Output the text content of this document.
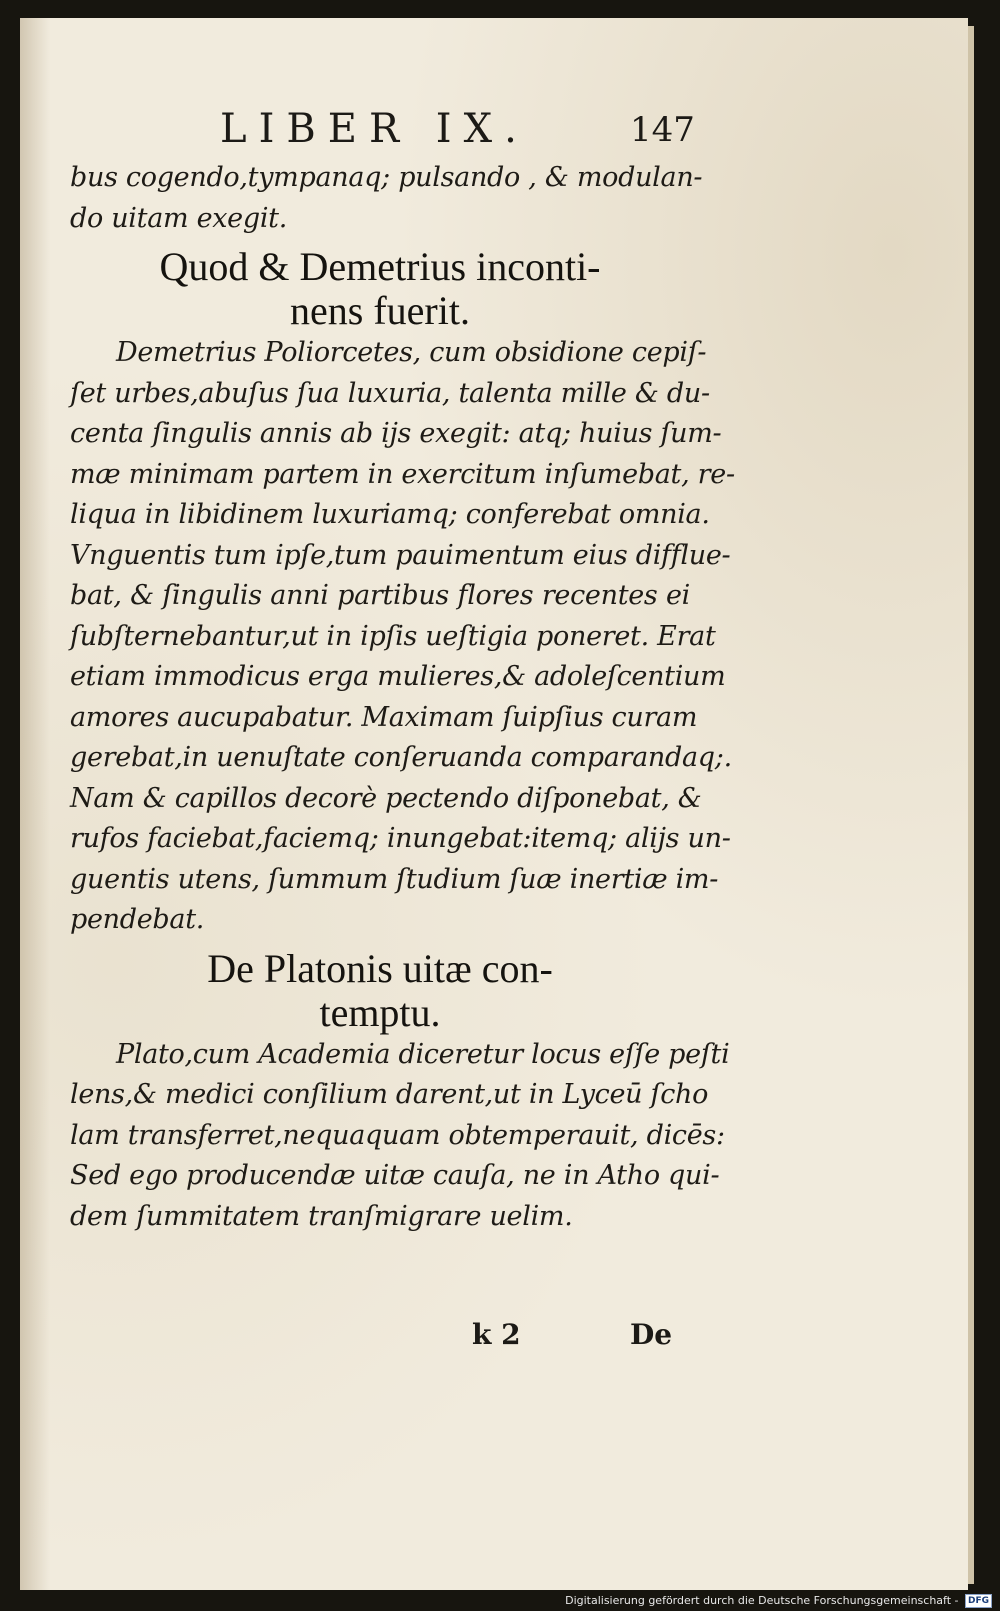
LIBER IX.	147
bus cogendo,tympanaq; pulsando , & modulan-
do uitam exegit.
Quod & Demetrius inconti-
nens fuerit.
Demetrius Poliorcetes, cum obsidione cepiſ-
ſet urbes,abuſus ſua luxuria, talenta mille & du-
centa ſingulis annis ab ijs exegit: atq; huius ſum-
mæ minimam partem in exercitum inſumebat, re-
liqua in libidinem luxuriamq; conferebat omnia.
Vnguentis tum ipſe,tum pauimentum eius difflue-
bat, & ſingulis anni partibus flores recentes ei
ſubſternebantur,ut in ipſis ueſtigia poneret. Erat
etiam immodicus erga mulieres,& adoleſcentium
amores aucupabatur. Maximam ſuipſius curam
gerebat,in uenuſtate conſeruanda comparandaq;.
Nam & capillos decorè pectendo diſponebat, &
rufos faciebat,faciemq; inungebat:itemq; alijs un-
guentis utens, ſummum ſtudium ſuæ inertiæ im-
pendebat.
De Platonis uitæ con-
temptu.
Plato,cum Academia diceretur locus eſſe peſti
lens,& medici conſilium darent,ut in Lyceū ſcho
lam transferret,nequaquam obtemperauit, dicēs:
Sed ego producendæ uitæ cauſa, ne in Atho qui-
dem ſummitatem tranſmigrare uelim.
k 2	De
Digitalisierung gefördert durch die Deutsche Forschungsgemeinschaft - DFG
